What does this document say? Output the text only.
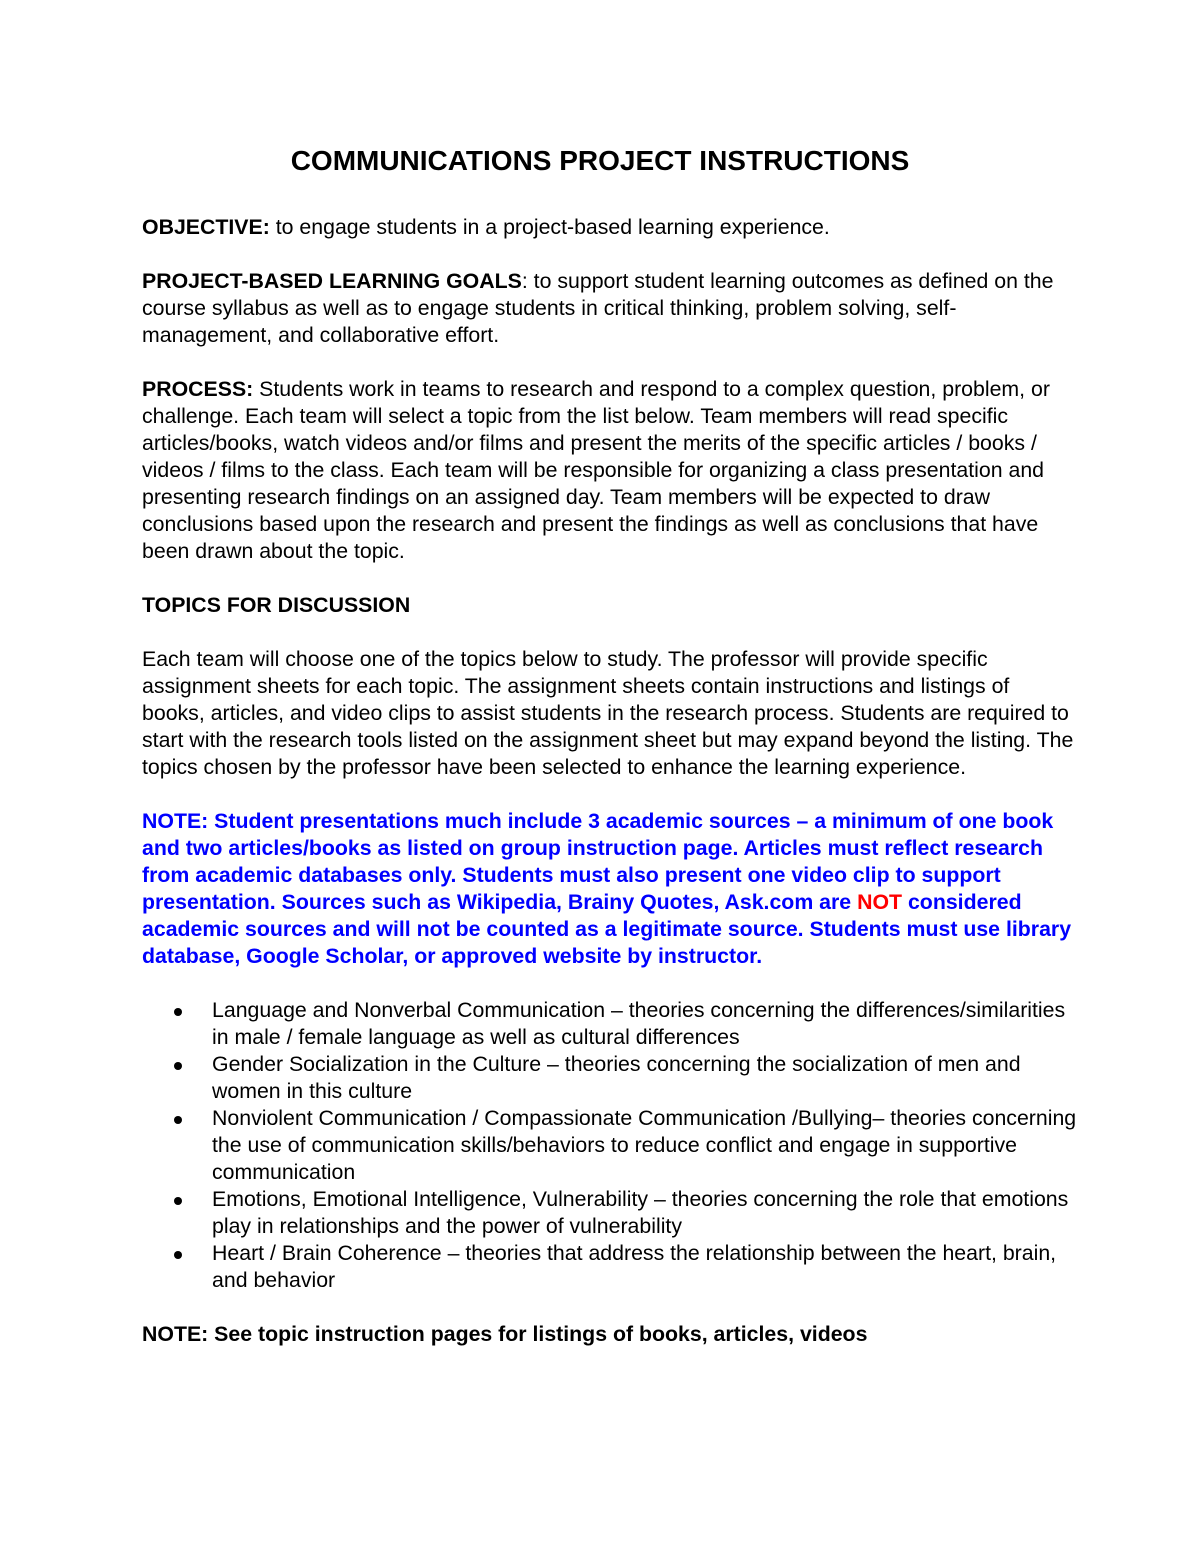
COMMUNICATIONS PROJECT INSTRUCTIONS

OBJECTIVE: to engage students in a project-based learning experience.

PROJECT-BASED LEARNING GOALS: to support student learning outcomes as defined on the course syllabus as well as to engage students in critical thinking, problem solving, self-management, and collaborative effort.

PROCESS: Students work in teams to research and respond to a complex question, problem, or challenge. Each team will select a topic from the list below. Team members will read specific articles/books, watch videos and/or films and present the merits of the specific articles / books / videos / films to the class. Each team will be responsible for organizing a class presentation and presenting research findings on an assigned day. Team members will be expected to draw conclusions based upon the research and present the findings as well as conclusions that have been drawn about the topic.

TOPICS FOR DISCUSSION

Each team will choose one of the topics below to study. The professor will provide specific assignment sheets for each topic. The assignment sheets contain instructions and listings of books, articles, and video clips to assist students in the research process. Students are required to start with the research tools listed on the assignment sheet but may expand beyond the listing. The topics chosen by the professor have been selected to enhance the learning experience.

NOTE: Student presentations much include 3 academic sources – a minimum of one book and two articles/books as listed on group instruction page. Articles must reflect research from academic databases only. Students must also present one video clip to support presentation. Sources such as Wikipedia, Brainy Quotes, Ask.com are NOT considered academic sources and will not be counted as a legitimate source. Students must use library database, Google Scholar, or approved website by instructor.

Language and Nonverbal Communication – theories concerning the differences/similarities in male / female language as well as cultural differences
Gender Socialization in the Culture – theories concerning the socialization of men and women in this culture
Nonviolent Communication / Compassionate Communication /Bullying– theories concerning the use of communication skills/behaviors to reduce conflict and engage in supportive communication
Emotions, Emotional Intelligence, Vulnerability – theories concerning the role that emotions play in relationships and the power of vulnerability
Heart / Brain Coherence – theories that address the relationship between the heart, brain, and behavior

NOTE: See topic instruction pages for listings of books, articles, videos
